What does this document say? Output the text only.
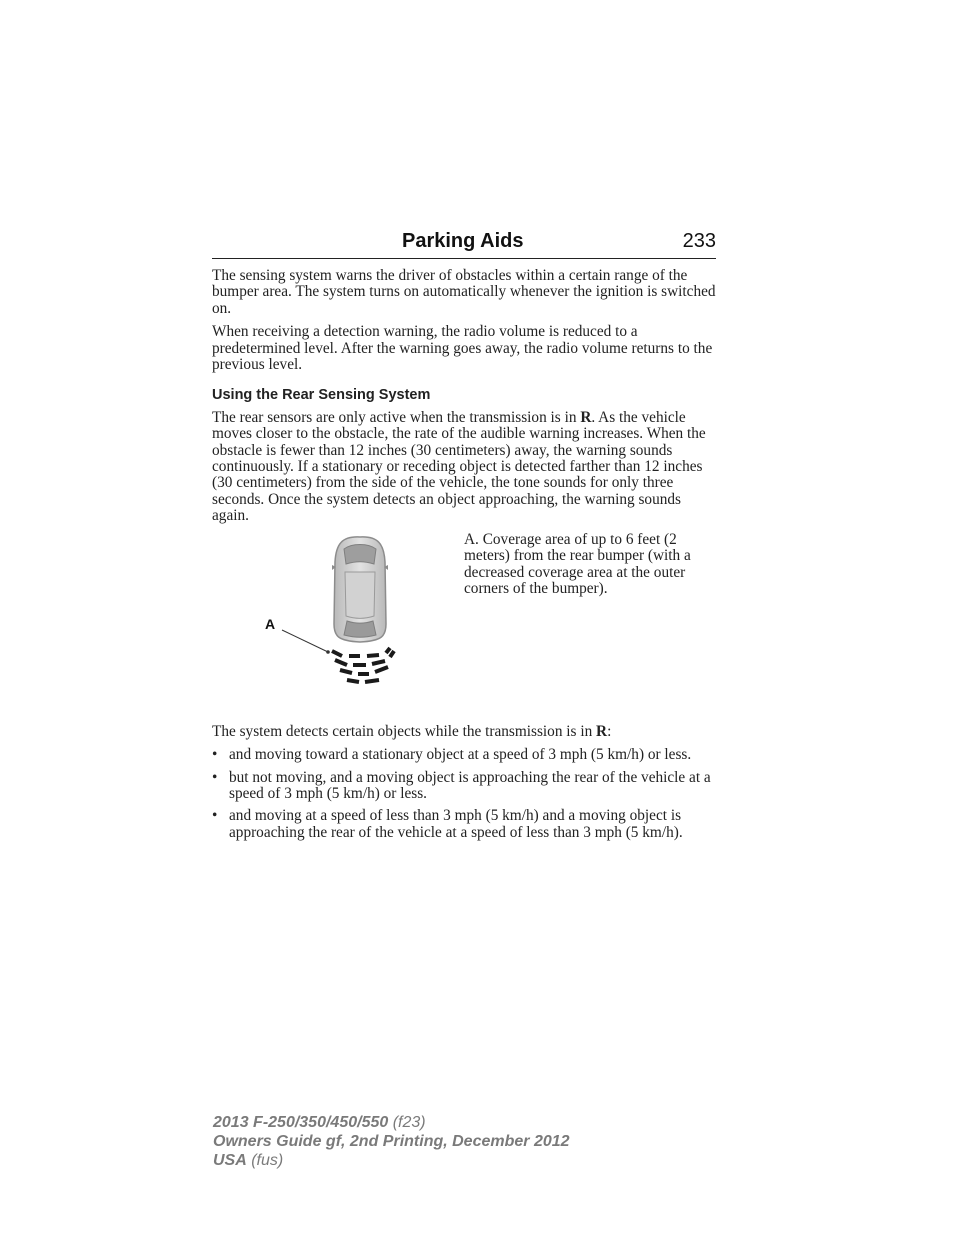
Parking Aids	233

The sensing system warns the driver of obstacles within a certain range of the bumper area. The system turns on automatically whenever the ignition is switched on.

When receiving a detection warning, the radio volume is reduced to a predetermined level. After the warning goes away, the radio volume returns to the previous level.

Using the Rear Sensing System

The rear sensors are only active when the transmission is in R. As the vehicle moves closer to the obstacle, the rate of the audible warning increases. When the obstacle is fewer than 12 inches (30 centimeters) away, the warning sounds continuously. If a stationary or receding object is detected farther than 12 inches (30 centimeters) from the side of the vehicle, the tone sounds for only three seconds. Once the system detects an object approaching, the warning sounds again.

A
A. Coverage area of up to 6 feet (2 meters) from the rear bumper (with a decreased coverage area at the outer corners of the bumper).

The system detects certain objects while the transmission is in R:

• and moving toward a stationary object at a speed of 3 mph (5 km/h) or less.
• but not moving, and a moving object is approaching the rear of the vehicle at a speed of 3 mph (5 km/h) or less.
• and moving at a speed of less than 3 mph (5 km/h) and a moving object is approaching the rear of the vehicle at a speed of less than 3 mph (5 km/h).
2013 F-250/350/450/550 (f23)
Owners Guide gf, 2nd Printing, December 2012
USA (fus)
